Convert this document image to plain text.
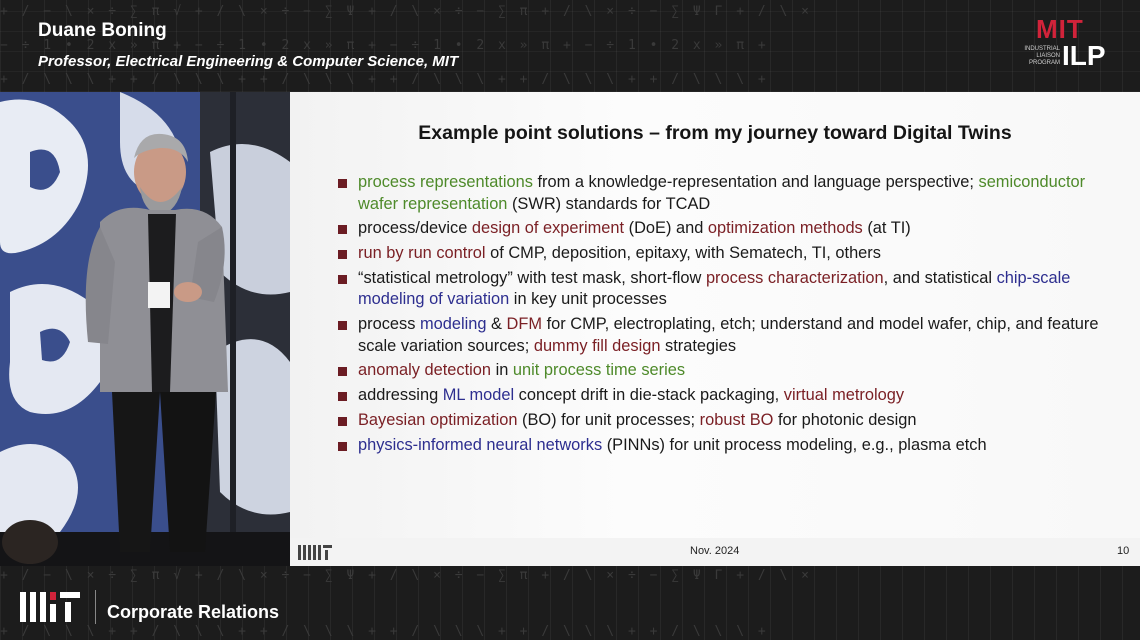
+ / − \ × ÷ ∑ π √ + / \ × ÷ − ∑ Ψ + / \ × ÷ − ∑ π + / \ × ÷ − ∑ Ψ Γ + / \ ×
− ÷ 1 • 2 x » π + − ÷ 1 • 2 x » π + − ÷ 1 • 2 x » π + − ÷ 1 • 2 x » π +
+ / \ \ \ + + / \ \ \ + + / \ \ \ + + / \ \ \ + + / \ \ \ + + / \ \ \ +
Duane Boning
Professor, Electrical Engineering & Computer Science, MIT
MIT
INDUSTRIAL LIAISON PROGRAM ILP
Example point solutions – from my journey toward Digital Twins
process representations from a knowledge-representation and language perspective; semiconductor wafer representation (SWR) standards for TCAD
process/device design of experiment (DoE) and optimization methods (at TI)
run by run control of CMP, deposition, epitaxy, with Sematech, TI, others
“statistical metrology” with test mask, short-flow process characterization, and statistical chip-scale modeling of variation in key unit processes
process modeling & DFM for CMP, electroplating, etch; understand and model wafer, chip, and feature scale variation sources; dummy fill design strategies
anomaly detection in unit process time series
addressing ML model concept drift in die-stack packaging, virtual metrology
Bayesian optimization (BO) for unit processes; robust BO for photonic design
physics-informed neural networks (PINNs) for unit process modeling, e.g., plasma etch
Nov. 2024	10
+ / − \ × ÷ ∑ π √ + / \ × ÷ − ∑ Ψ + / \ × ÷ − ∑ π + / \ × ÷ − ∑ Ψ Γ + / \ ×
+ / \ \ \ + + / \ \ \ + + / \ \ \ + + / \ \ \ + + / \ \ \ + + / \ \ \ +
Corporate Relations
